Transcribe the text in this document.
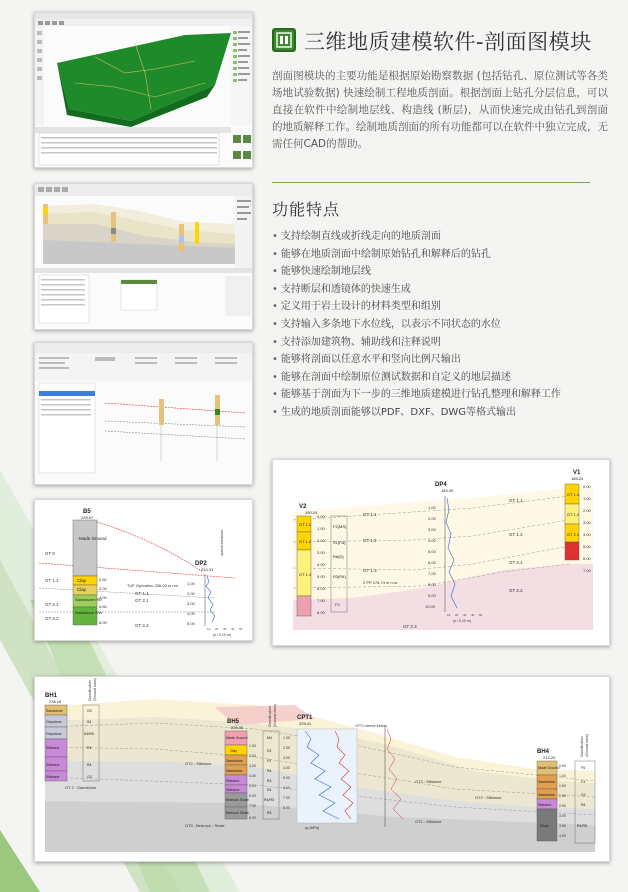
三维地质建模软件-剖面图模块

剖面图模块的主要功能是根据原始勘察数据 (包括钻孔、原位测试等各类场地试验数据) 快速绘制工程地质剖面。根据剖面上钻孔分层信息，可以直接在软件中绘制地层线、构造线 (断层)，从而快速完成由钻孔到剖面的地质解释工作。绘制地质剖面的所有功能都可以在软件中独立完成，无需任何CAD的帮助。

功能特点
• 支持绘制直线或折线走向的地质剖面
• 能够在地质剖面中绘制原始钻孔和解释后的钻孔
• 能够快速绘制地层线
• 支持断层和透镜体的快速生成
• 定义用于岩土设计的材料类型和组别
• 支持输入多条地下水位线，以表示不同状态的水位
• 支持添加建筑物、辅助线和注释说明
• 能够将剖面以任意水平和竖向比例尺输出
• 能够在剖面中绘制原位测试数据和自定义的地层描述
• 能够基于剖面为下一步的三维地质建模进行钻孔整理和解释工作
• 生成的地质剖面能够以PDF、DXF、DWG等格式输出
B5
239.97
Made Ground
Clay
Clay
Sandstone HW
Sandstone MW
0.60
2.00
4.00
6.80
8.00
GT 0
GT 1.1
GT 2.1
GT 2.2
GT 2.1
GT 2.2
TUF Operation 236.00 m nm
GT 1.1
DP2
224.31
1,00
2,00
3,00
4,00
5,00
10 20 30 40 50
(n / 0.10 m)
speed resistance
V2
190.24
GT 1.1
GT 1.2
GT 1.3
F2(MS)
S1(FA)
R6(D)
R3(FA)
F2
0.00
1.00
2.00
3.00
4.00
5.00
6.00
7.00
8.00
DP4
184.30
1,00
2,00
3,00
4,00
5,00
6,00
7,00
8,00
9,00
10,00
10 20 30 40 50
(n / 0,10 m)
V1
185.24
GT 1.1
GT 1.2
GT 2.1
0.00
1.00
2.00
3.00
4.00
5.00
6.00
7.00
GT 1.1
GT 1.2
GT 1.3
GT 1.1
GT 1.2
GT 2.1
GT 2.2
GT 2.3
2 PP 178.74 m n.m.
BH1
238.16
Sandstone
Claystone
Claystone
Siltstone
Siltstone
Siltstone
G0
S4
S4/R5
R4
R4
G2
Classification (Ground class)
GT 2 : Sandstone
BH5
229.00
Made Ground
Clay
Sandstone
Sandstone
Siltstone
Siltstone
Bedrock Shale
Bedrock Shale
M4
S3
F4
R4
R3
R4
R4/R3
R3
Classification (Ground class)
1.00
2.00
3.00
4.00
5.00
6.00
7.00
8.00
GT2 : Siltstone
GT5 : Bedrock - Shale
CPT1
229.41
1.00
2.00
3.00
4.00
5.00
6.00
7.00
8.00
qc [MPa]
CPTU sleeve friction
GT3 : Siltstone
GT2 : Siltstone
BH4
214.20
Made Ground
Sandstone
Sandstone
Siltstone
Shale
0.50
1.00
1.50
2.00
2.50
3.00
3.50
4.00
F5
F3
G2
R4
R4/R5
Classification (Ground class)
GT2 : Siltstone
